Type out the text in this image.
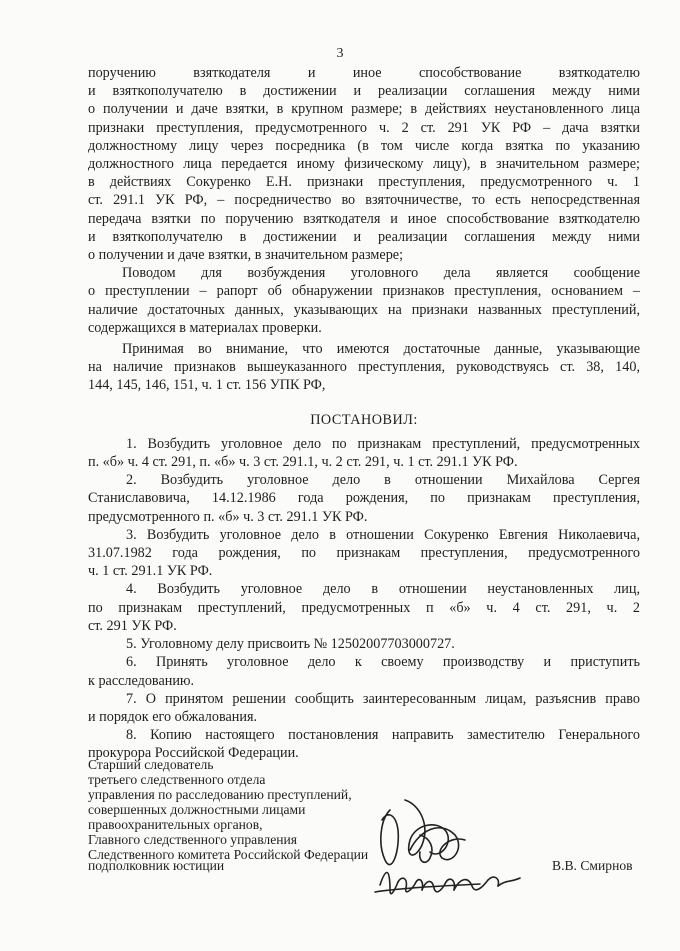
3

поручению взяткодателя и иное способствование взяткодателю

и взяткополучателю в достижении и реализации соглашения между ними

о получении и даче взятки, в крупном размере; в действиях неустановленного лица

признаки преступления, предусмотренного ч. 2 ст. 291 УК РФ – дача взятки

должностному лицу через посредника (в том числе когда взятка по указанию

должностного лица передается иному физическому лицу), в значительном размере;

в действиях Сокуренко Е.Н. признаки преступления, предусмотренного ч. 1

ст. 291.1 УК РФ, – посредничество во взяточничестве, то есть непосредственная

передача взятки по поручению взяткодателя и иное способствование взяткодателю

и взяткополучателю в достижении и реализации соглашения между ними

о получении и даче взятки, в значительном размере;

Поводом для возбуждения уголовного дела является сообщение

о преступлении – рапорт об обнаружении признаков преступления, основанием –

наличие достаточных данных, указывающих на признаки названных преступлений,

содержащихся в материалах проверки.

Принимая во внимание, что имеются достаточные данные, указывающие

на наличие признаков вышеуказанного преступления, руководствуясь ст. 38, 140,

144, 145, 146, 151, ч. 1 ст. 156 УПК РФ,

ПОСТАНОВИЛ:

1. Возбудить уголовное дело по признакам преступлений, предусмотренных

п. «б» ч. 4 ст. 291, п. «б» ч. 3 ст. 291.1, ч. 2 ст. 291, ч. 1 ст. 291.1 УК РФ.

2. Возбудить уголовное дело в отношении Михайлова Сергея

Станиславовича, 14.12.1986 года рождения, по признакам преступления,

предусмотренного п. «б» ч. 3 ст. 291.1 УК РФ.

3. Возбудить уголовное дело в отношении Сокуренко Евгения Николаевича,

31.07.1982 года рождения, по признакам преступления, предусмотренного

ч. 1 ст. 291.1 УК РФ.

4. Возбудить уголовное дело в отношении неустановленных лиц,

по признакам преступлений, предусмотренных п «б» ч. 4 ст. 291, ч. 2

ст. 291 УК РФ.

5. Уголовному делу присвоить № 12502007703000727.

6. Принять уголовное дело к своему производству и приступить

к расследованию.

7. О принятом решении сообщить заинтересованным лицам, разъяснив право

и порядок его обжалования.

8. Копию настоящего постановления направить заместителю Генерального

прокурора Российской Федерации.

Старший следователь

третьего следственного отдела

управления по расследованию преступлений,

совершенных должностными лицами

правоохранительных органов,

Главного следственного управления

Следственного комитета Российской Федерации

подполковник юстиции	В.В. Смирнов
